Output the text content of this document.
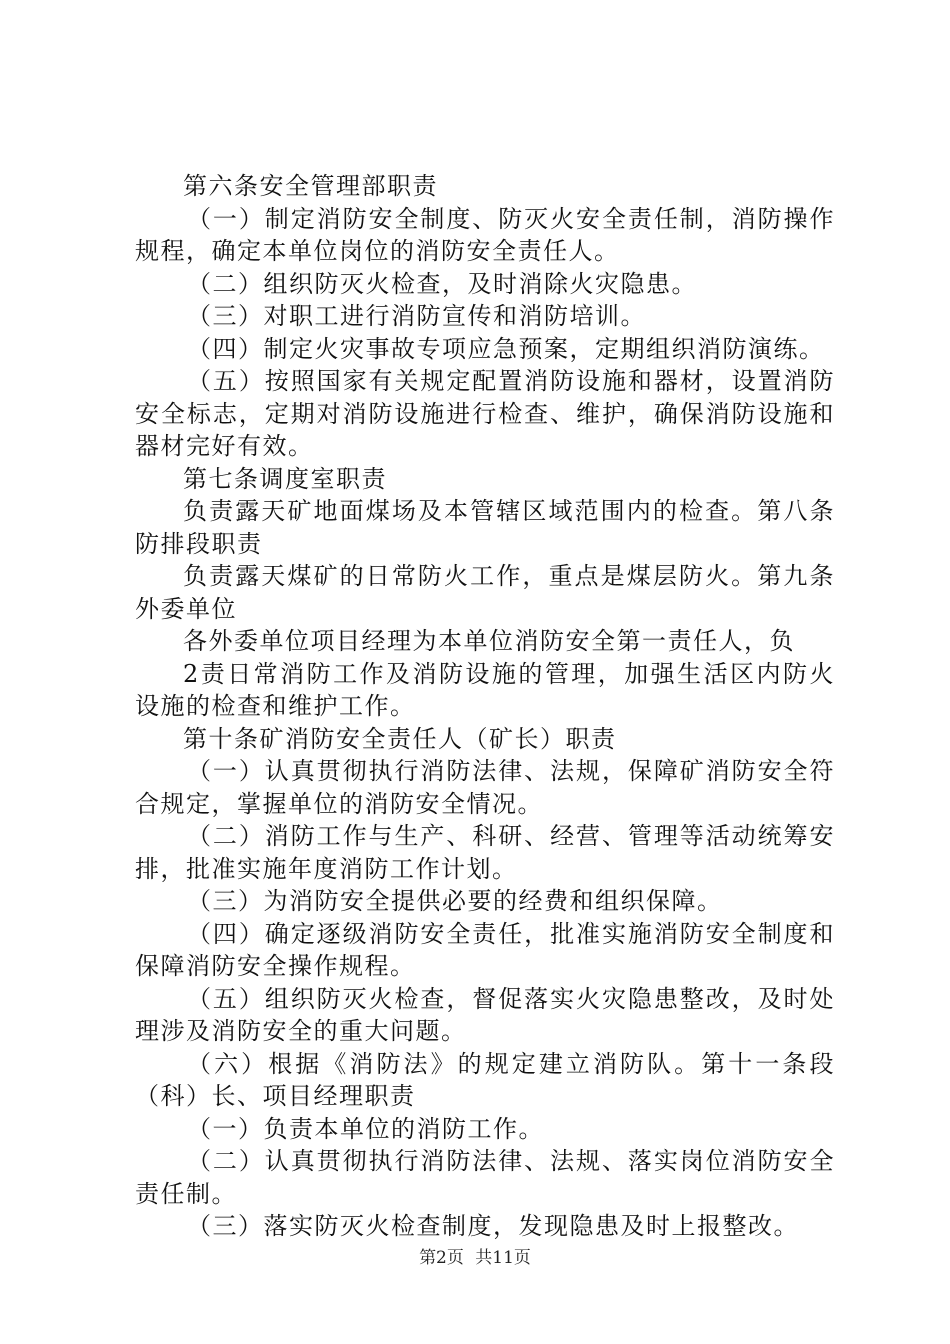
第六条安全管理部职责
（一）制定消防安全制度、防灭火安全责任制，消防操作
规程，确定本单位岗位的消防安全责任人。
（二）组织防灭火检查，及时消除火灾隐患。
（三）对职工进行消防宣传和消防培训。
（四）制定火灾事故专项应急预案，定期组织消防演练。
（五）按照国家有关规定配置消防设施和器材，设置消防
安全标志，定期对消防设施进行检查、维护，确保消防设施和
器材完好有效。
第七条调度室职责
负责露天矿地面煤场及本管辖区域范围内的检查。第八条
防排段职责
负责露天煤矿的日常防火工作，重点是煤层防火。第九条
外委单位
各外委单位项目经理为本单位消防安全第一责任人，负
2责日常消防工作及消防设施的管理，加强生活区内防火
设施的检查和维护工作。
第十条矿消防安全责任人（矿长）职责
（一）认真贯彻执行消防法律、法规，保障矿消防安全符
合规定，掌握单位的消防安全情况。
（二）消防工作与生产、科研、经营、管理等活动统筹安
排，批准实施年度消防工作计划。
（三）为消防安全提供必要的经费和组织保障。
（四）确定逐级消防安全责任，批准实施消防安全制度和
保障消防安全操作规程。
（五）组织防灭火检查，督促落实火灾隐患整改，及时处
理涉及消防安全的重大问题。
（六）根据《消防法》的规定建立消防队。第十一条段
（科）长、项目经理职责
（一）负责本单位的消防工作。
（二）认真贯彻执行消防法律、法规、落实岗位消防安全
责任制。
（三）落实防灭火检查制度，发现隐患及时上报整改。
第2页 共11页
